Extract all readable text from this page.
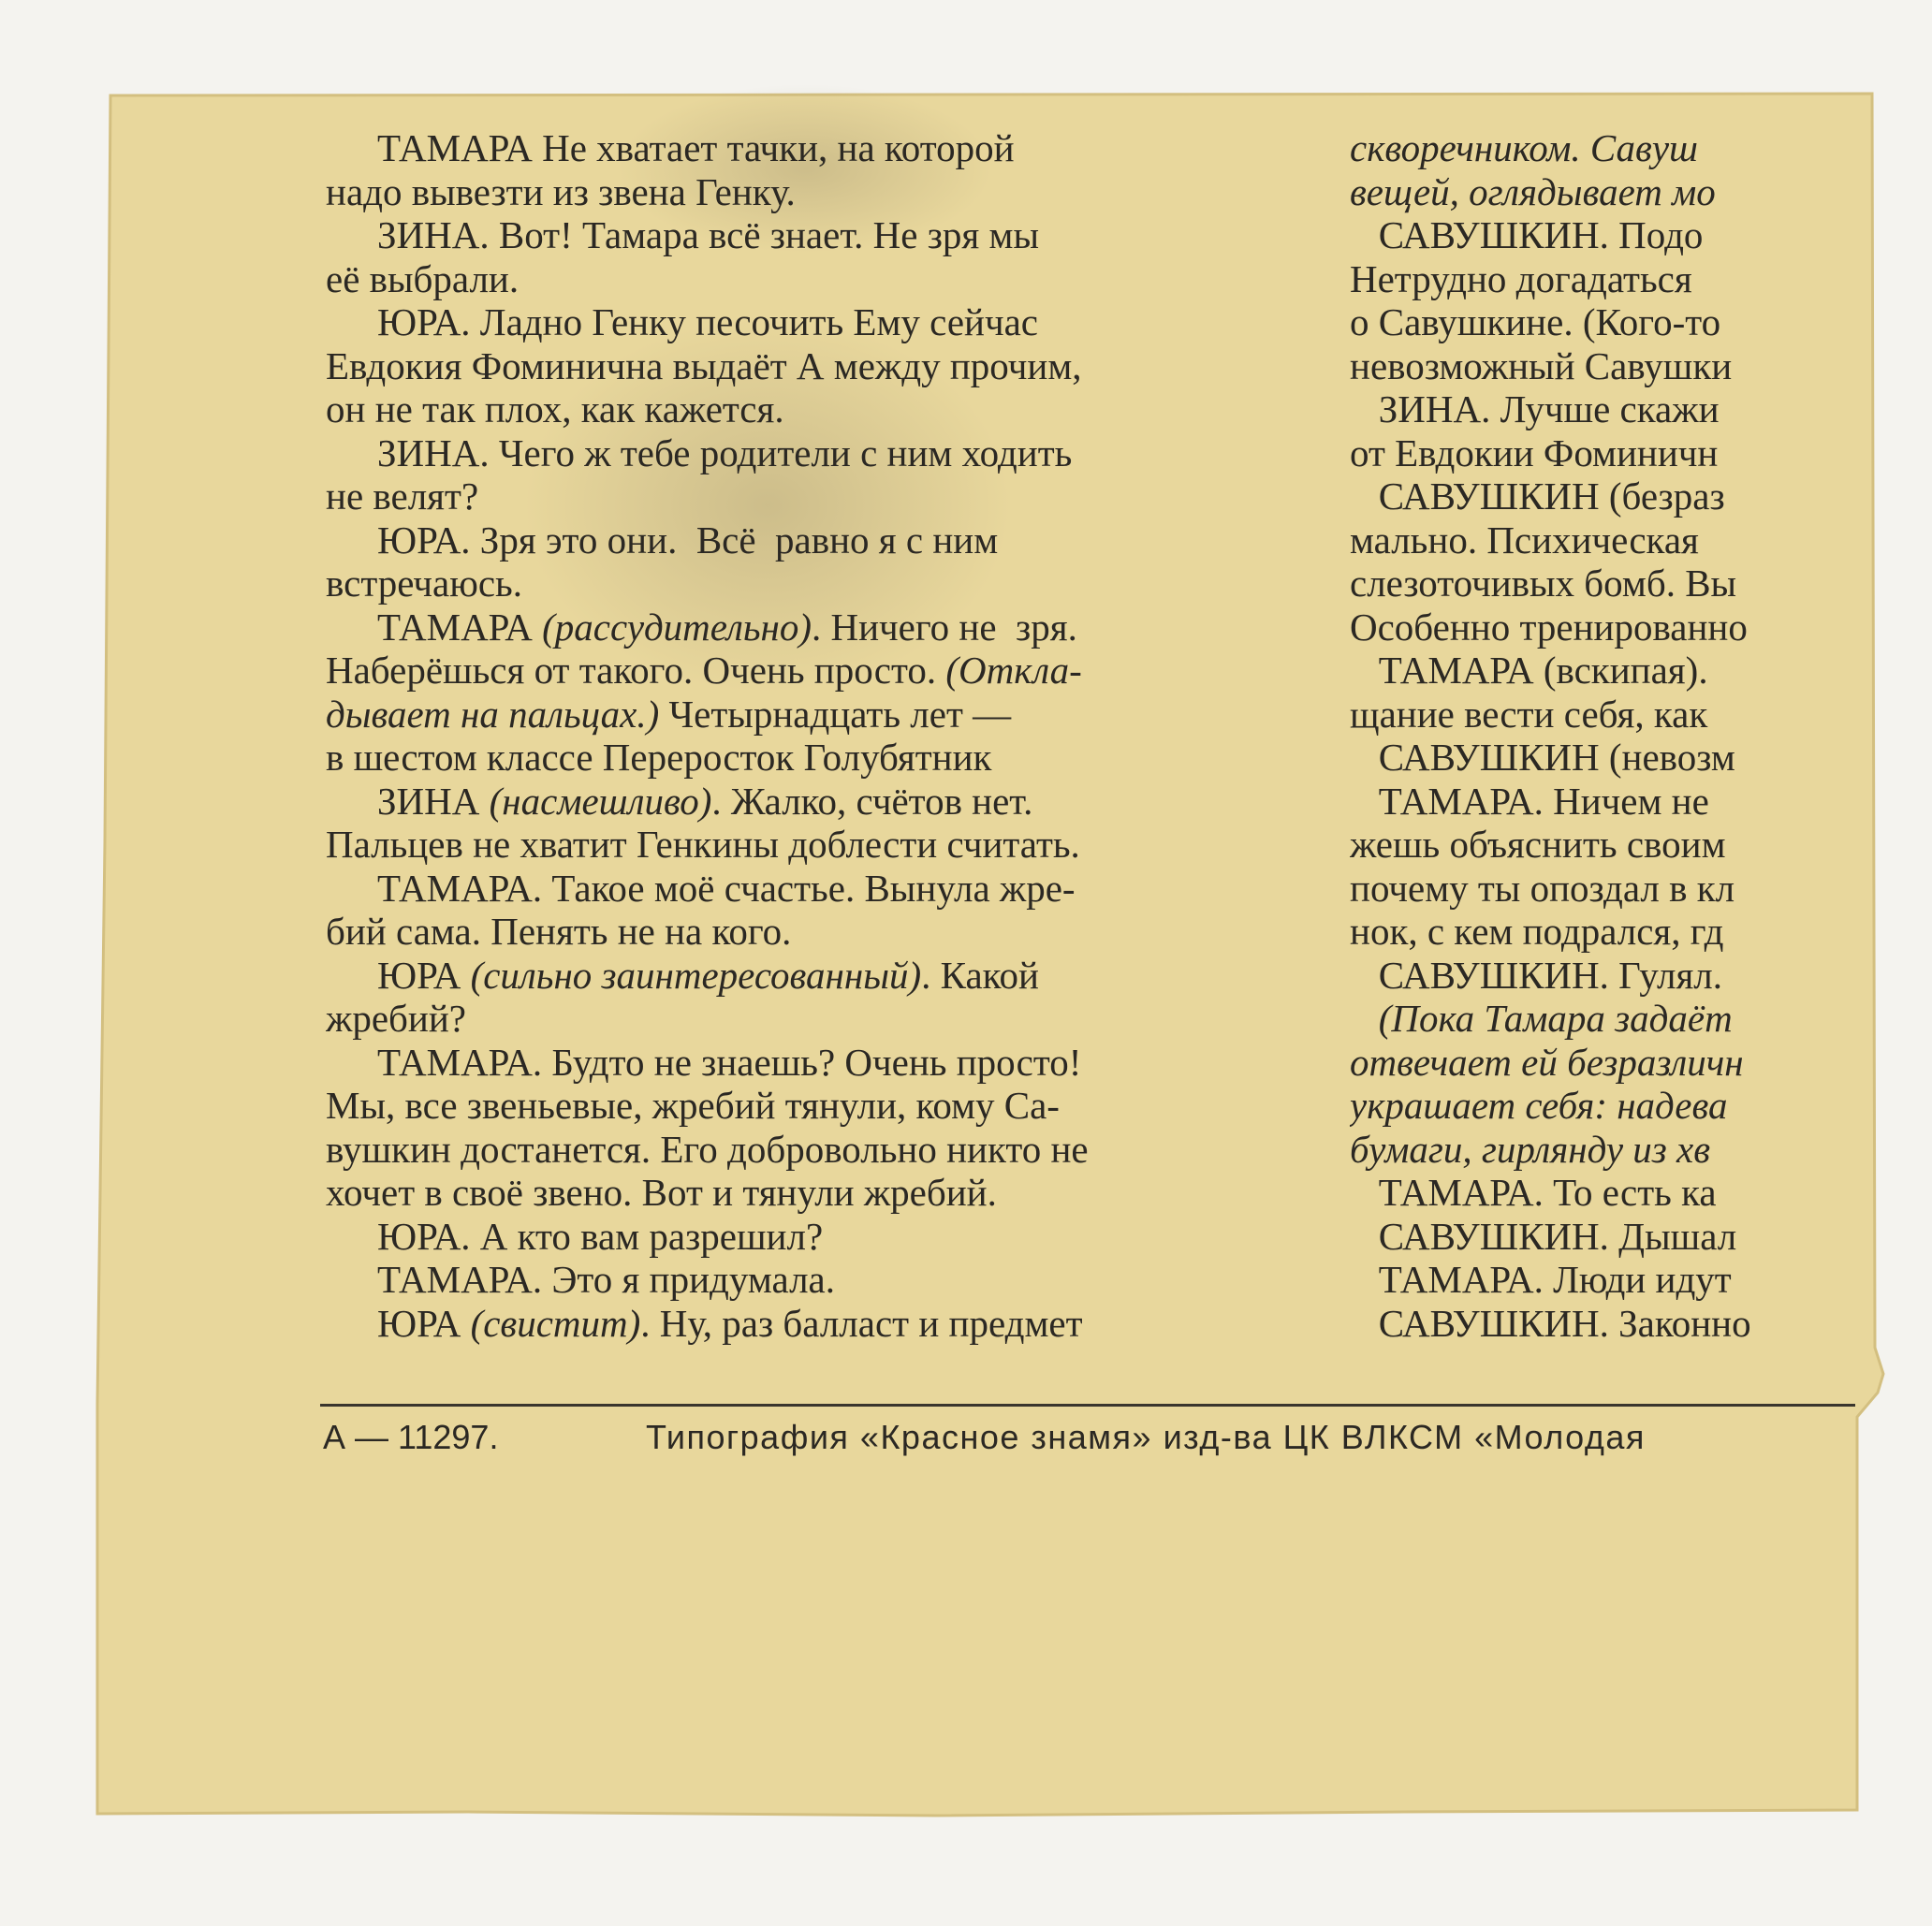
ТАМАРА Не хватает тачки, на которой
надо вывезти из звена Генку.
ЗИНА. Вот! Тамара всё знает. Не зря мы
её выбрали.
ЮРА. Ладно Генку песочить Ему сейчас
Евдокия Фоминична выдаёт А между прочим,
он не так плох, как кажется.
ЗИНА. Чего ж тебе родители с ним ходить
не велят?
ЮРА. Зря это они.  Всё  равно я с ним
встречаюсь.
ТАМАРА (рассудительно). Ничего не  зря.
Наберёшься от такого. Очень просто. (Откла-
дывает на пальцах.) Четырнадцать лет —
в шестом классе Переросток Голубятник
ЗИНА (насмешливо). Жалко, счётов нет.
Пальцев не хватит Генкины доблести считать.
ТАМАРА. Такое моё счастье. Вынула жре-
бий сама. Пенять не на кого.
ЮРА (сильно заинтересованный). Какой
жребий?
ТАМАРА. Будто не знаешь? Очень просто!
Мы, все звеньевые, жребий тянули, кому Са-
вушкин достанется. Его добровольно никто не
хочет в своё звено. Вот и тянули жребий.
ЮРА. А кто вам разрешил?
ТАМАРА. Это я придумала.
ЮРА (свистит). Ну, раз балласт и предмет
скворечником. Савуш
вещей, оглядывает мо
САВУШКИН. Подо
Нетрудно догадаться
о Савушкине. (Кого-то
невозможный Савушки
ЗИНА. Лучше скажи
от Евдокии Фоминичн
САВУШКИН (безраз
мально. Психическая
слезоточивых бомб. Вы
Особенно тренированно
ТАМАРА (вскипая).
щание вести себя, как
САВУШКИН (невозм
ТАМАРА. Ничем не
жешь объяснить своим
почему ты опоздал в кл
нок, с кем подрался, гд
САВУШКИН. Гулял.
(Пока Тамара задаёт
отвечает ей безразличн
украшает себя: надева
бумаги, гирлянду из хв
ТАМАРА. То есть ка
САВУШКИН. Дышал
ТАМАРА. Люди идут
САВУШКИН. Законно

А — 11297.

	Типография «Красное знамя» изд-ва ЦК ВЛКСМ «Молодая
